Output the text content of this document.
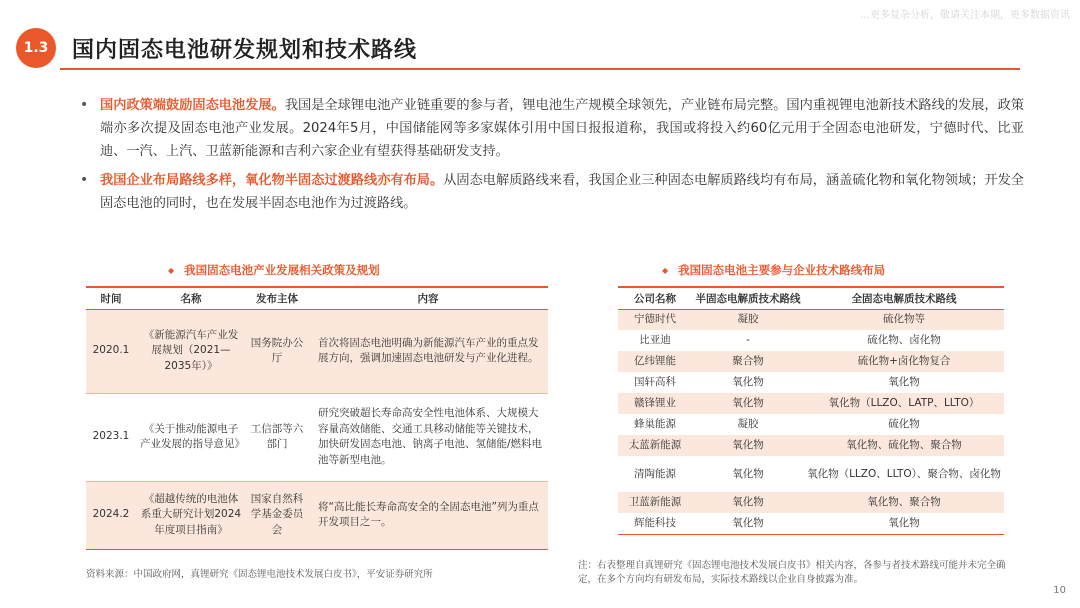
…更多复杂分析，敬请关注本期，更多数据资讯
1.3	国内固态电池研发规划和技术路线
• 国内政策端鼓励固态电池发展。我国是全球锂电池产业链重要的参与者，锂电池生产规模全球领先，产业链布局完整。国内重视锂电池新技术路线的发展，政策端亦多次提及固态电池产业发展。2024年5月，中国储能网等多家媒体引用中国日报报道称，我国或将投入约60亿元用于全固态电池研发，宁德时代、比亚迪、一汽、上汽、卫蓝新能源和吉利六家企业有望获得基础研发支持。
• 我国企业布局路线多样，氧化物半固态过渡路线亦有布局。从固态电解质路线来看，我国企业三种固态电解质路线均有布局，涵盖硫化物和氧化物领域；开发全固态电池的同时，也在发展半固态电池作为过渡路线。
◆ 我国固态电池产业发展相关政策及规划
时间	名称	发布主体	内容
2020.1	《新能源汽车产业发展规划（2021—2035年）》	国务院办公厅	首次将固态电池明确为新能源汽车产业的重点发展方向，强调加速固态电池研发与产业化进程。
2023.1	《关于推动能源电子产业发展的指导意见》	工信部等六部门	研究突破超长寿命高安全性电池体系、大规模大容量高效储能、交通工具移动储能等关键技术，加快研发固态电池、钠离子电池、氢储能/燃料电池等新型电池。
2024.2	《超越传统的电池体系重大研究计划2024年度项目指南》	国家自然科学基金委员会	将“高比能长寿命高安全的全固态电池”列为重点开发项目之一。
◆ 我国固态电池主要参与企业技术路线布局
公司名称	半固态电解质技术路线	全固态电解质技术路线
宁德时代	凝胶	硫化物等
比亚迪	-	硫化物、卤化物
亿纬锂能	聚合物	硫化物+卤化物复合
国轩高科	氧化物	氧化物
赣锋锂业	氧化物	氧化物（LLZO、LATP、LLTO）
蜂巢能源	凝胶	硫化物
太蓝新能源	氧化物	氧化物、硫化物、聚合物
清陶能源	氧化物	氧化物（LLZO、LLTO）、聚合物、卤化物
卫蓝新能源	氧化物	氧化物、聚合物
辉能科技	氧化物	氧化物
资料来源：中国政府网，真锂研究《固态锂电池技术发展白皮书》，平安证券研究所
注：右表整理自真锂研究《固态锂电池技术发展白皮书》相关内容，各参与者技术路线可能并未完全确定，在多个方向均有研发布局，实际技术路线以企业自身披露为准。
10
